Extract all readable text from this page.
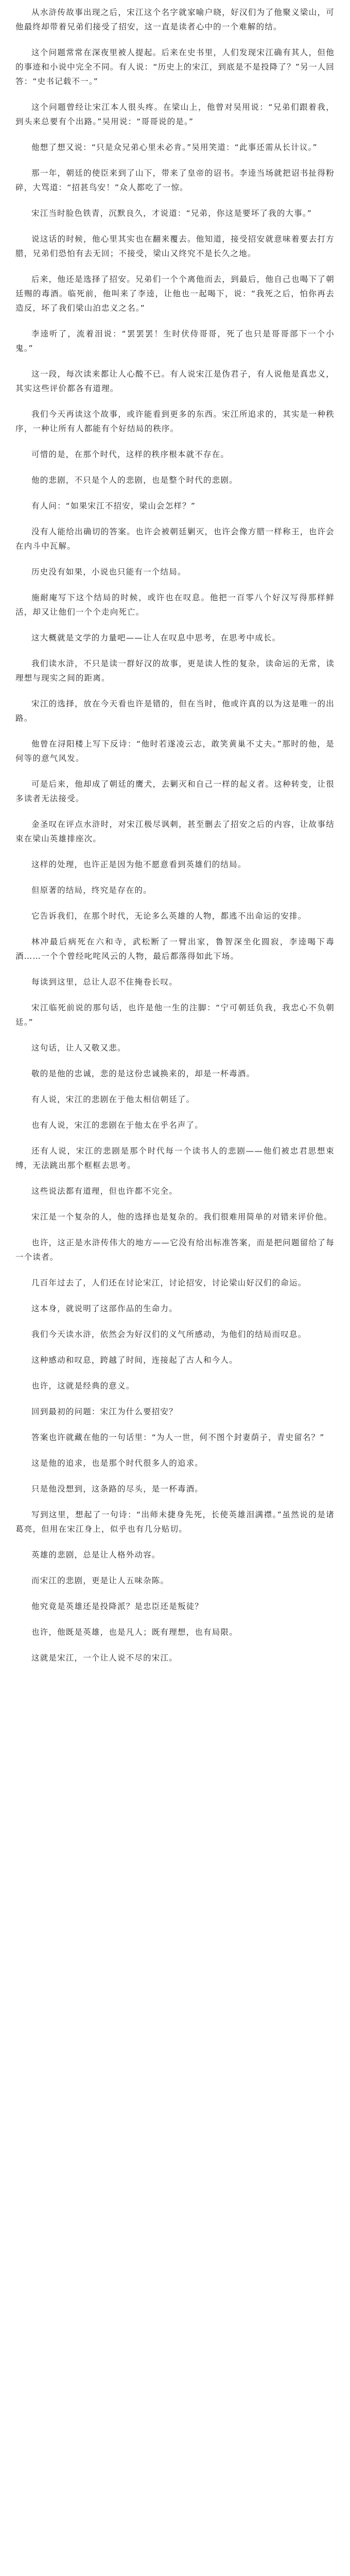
从水浒传故事出现之后，宋江这个名字就家喻户晓，好汉们为了他聚义梁山，可他最终却带着兄弟们接受了招安，这一直是读者心中的一个难解的结。

这个问题常常在深夜里被人提起。后来在史书里，人们发现宋江确有其人，但他的事迹和小说中完全不同。有人说：“历史上的宋江，到底是不是投降了？”另一人回答：“史书记载不一。”

这个问题曾经让宋江本人很头疼。在梁山上，他曾对吴用说：“兄弟们跟着我，到头来总要有个出路。”吴用说：“哥哥说的是。”

他想了想又说：“只是众兄弟心里未必肯。”吴用笑道：“此事还需从长计议。”

那一年，朝廷的使臣来到了山下，带来了皇帝的诏书。李逵当场就把诏书扯得粉碎，大骂道：“招甚鸟安！”众人都吃了一惊。

宋江当时脸色铁青，沉默良久，才说道：“兄弟，你这是要坏了我的大事。”

说这话的时候，他心里其实也在翻来覆去。他知道，接受招安就意味着要去打方腊，兄弟们恐怕有去无回；不接受，梁山又终究不是长久之地。

后来，他还是选择了招安。兄弟们一个个离他而去，到最后，他自己也喝下了朝廷赐的毒酒。临死前，他叫来了李逵，让他也一起喝下，说：“我死之后，怕你再去造反，坏了我们梁山泊忠义之名。”

李逵听了，流着泪说：“罢罢罢！生时伏侍哥哥，死了也只是哥哥部下一个小鬼。”

这一段，每次读来都让人心酸不已。有人说宋江是伪君子，有人说他是真忠义，其实这些评价都各有道理。

我们今天再读这个故事，或许能看到更多的东西。宋江所追求的，其实是一种秩序，一种让所有人都能有个好结局的秩序。

可惜的是，在那个时代，这样的秩序根本就不存在。

他的悲剧，不只是个人的悲剧，也是整个时代的悲剧。

有人问：“如果宋江不招安，梁山会怎样？”

没有人能给出确切的答案。也许会被朝廷剿灭，也许会像方腊一样称王，也许会在内斗中瓦解。

历史没有如果，小说也只能有一个结局。

施耐庵写下这个结局的时候，或许也在叹息。他把一百零八个好汉写得那样鲜活，却又让他们一个个走向死亡。

这大概就是文学的力量吧——让人在叹息中思考，在思考中成长。

我们读水浒，不只是读一群好汉的故事，更是读人性的复杂，读命运的无常，读理想与现实之间的距离。

宋江的选择，放在今天看也许是错的，但在当时，他或许真的以为这是唯一的出路。

他曾在浔阳楼上写下反诗：“他时若遂凌云志，敢笑黄巢不丈夫。”那时的他，是何等的意气风发。

可是后来，他却成了朝廷的鹰犬，去剿灭和自己一样的起义者。这种转变，让很多读者无法接受。

金圣叹在评点水浒时，对宋江极尽讽刺，甚至删去了招安之后的内容，让故事结束在梁山英雄排座次。

这样的处理，也许正是因为他不愿意看到英雄们的结局。

但原著的结局，终究是存在的。

它告诉我们，在那个时代，无论多么英雄的人物，都逃不出命运的安排。

林冲最后病死在六和寺，武松断了一臂出家，鲁智深坐化圆寂，李逵喝下毒酒……一个个曾经叱咤风云的人物，最后都落得如此下场。

每读到这里，总让人忍不住掩卷长叹。

宋江临死前说的那句话，也许是他一生的注脚：“宁可朝廷负我，我忠心不负朝廷。”

这句话，让人又敬又悲。

敬的是他的忠诚，悲的是这份忠诚换来的，却是一杯毒酒。

有人说，宋江的悲剧在于他太相信朝廷了。

也有人说，宋江的悲剧在于他太在乎名声了。

还有人说，宋江的悲剧是那个时代每一个读书人的悲剧——他们被忠君思想束缚，无法跳出那个框框去思考。

这些说法都有道理，但也许都不完全。

宋江是一个复杂的人，他的选择也是复杂的。我们很难用简单的对错来评价他。

也许，这正是水浒传伟大的地方——它没有给出标准答案，而是把问题留给了每一个读者。

几百年过去了，人们还在讨论宋江，讨论招安，讨论梁山好汉们的命运。

这本身，就说明了这部作品的生命力。

我们今天读水浒，依然会为好汉们的义气所感动，为他们的结局而叹息。

这种感动和叹息，跨越了时间，连接起了古人和今人。

也许，这就是经典的意义。

回到最初的问题：宋江为什么要招安？

答案也许就藏在他的一句话里：“为人一世，何不图个封妻荫子，青史留名？”

这是他的追求，也是那个时代很多人的追求。

只是他没想到，这条路的尽头，是一杯毒酒。

写到这里，想起了一句诗：“出师未捷身先死，长使英雄泪满襟。”虽然说的是诸葛亮，但用在宋江身上，似乎也有几分贴切。

英雄的悲剧，总是让人格外动容。

而宋江的悲剧，更是让人五味杂陈。

他究竟是英雄还是投降派？是忠臣还是叛徒？

也许，他既是英雄，也是凡人；既有理想，也有局限。

这就是宋江，一个让人说不尽的宋江。
